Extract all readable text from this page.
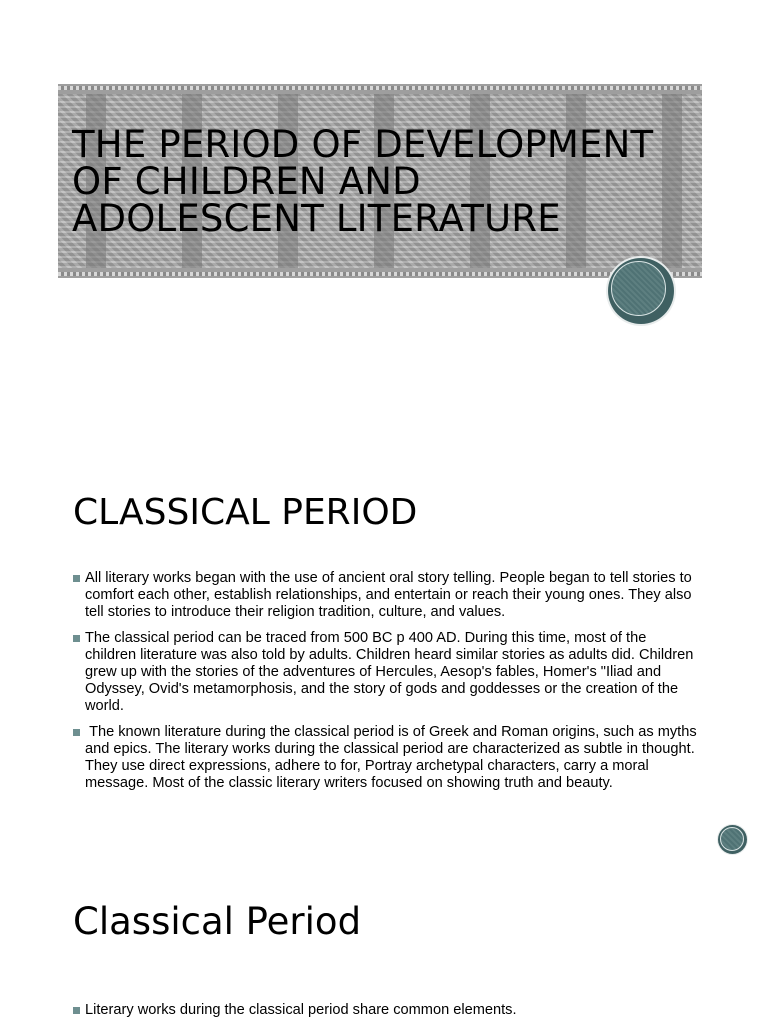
THE PERIOD OF DEVELOPMENT
OF CHILDREN AND
ADOLESCENT LITERATURE
CLASSICAL PERIOD
All literary works began with the use of ancient oral story telling. People began to tell stories to comfort each other, establish relationships, and entertain or reach their young ones. They also tell stories to introduce their religion tradition, culture, and values.
The classical period can be traced from 500 BC p 400 AD. During this time, most of the children literature was also told by adults. Children heard similar stories as adults did. Children grew up with the stories of the adventures of Hercules, Aesop's fables, Homer's "Iliad and Odyssey, Ovid's metamorphosis, and the story of gods and goddesses or the creation of the world.
The known literature during the classical period is of Greek and Roman origins, such as myths and epics. The literary works during the classical period are characterized as subtle in thought. They use direct expressions, adhere to for, Portray archetypal characters, carry a moral message. Most of the classic literary writers focused on showing truth and beauty.
Classical Period
Literary works during the classical period share common elements.
